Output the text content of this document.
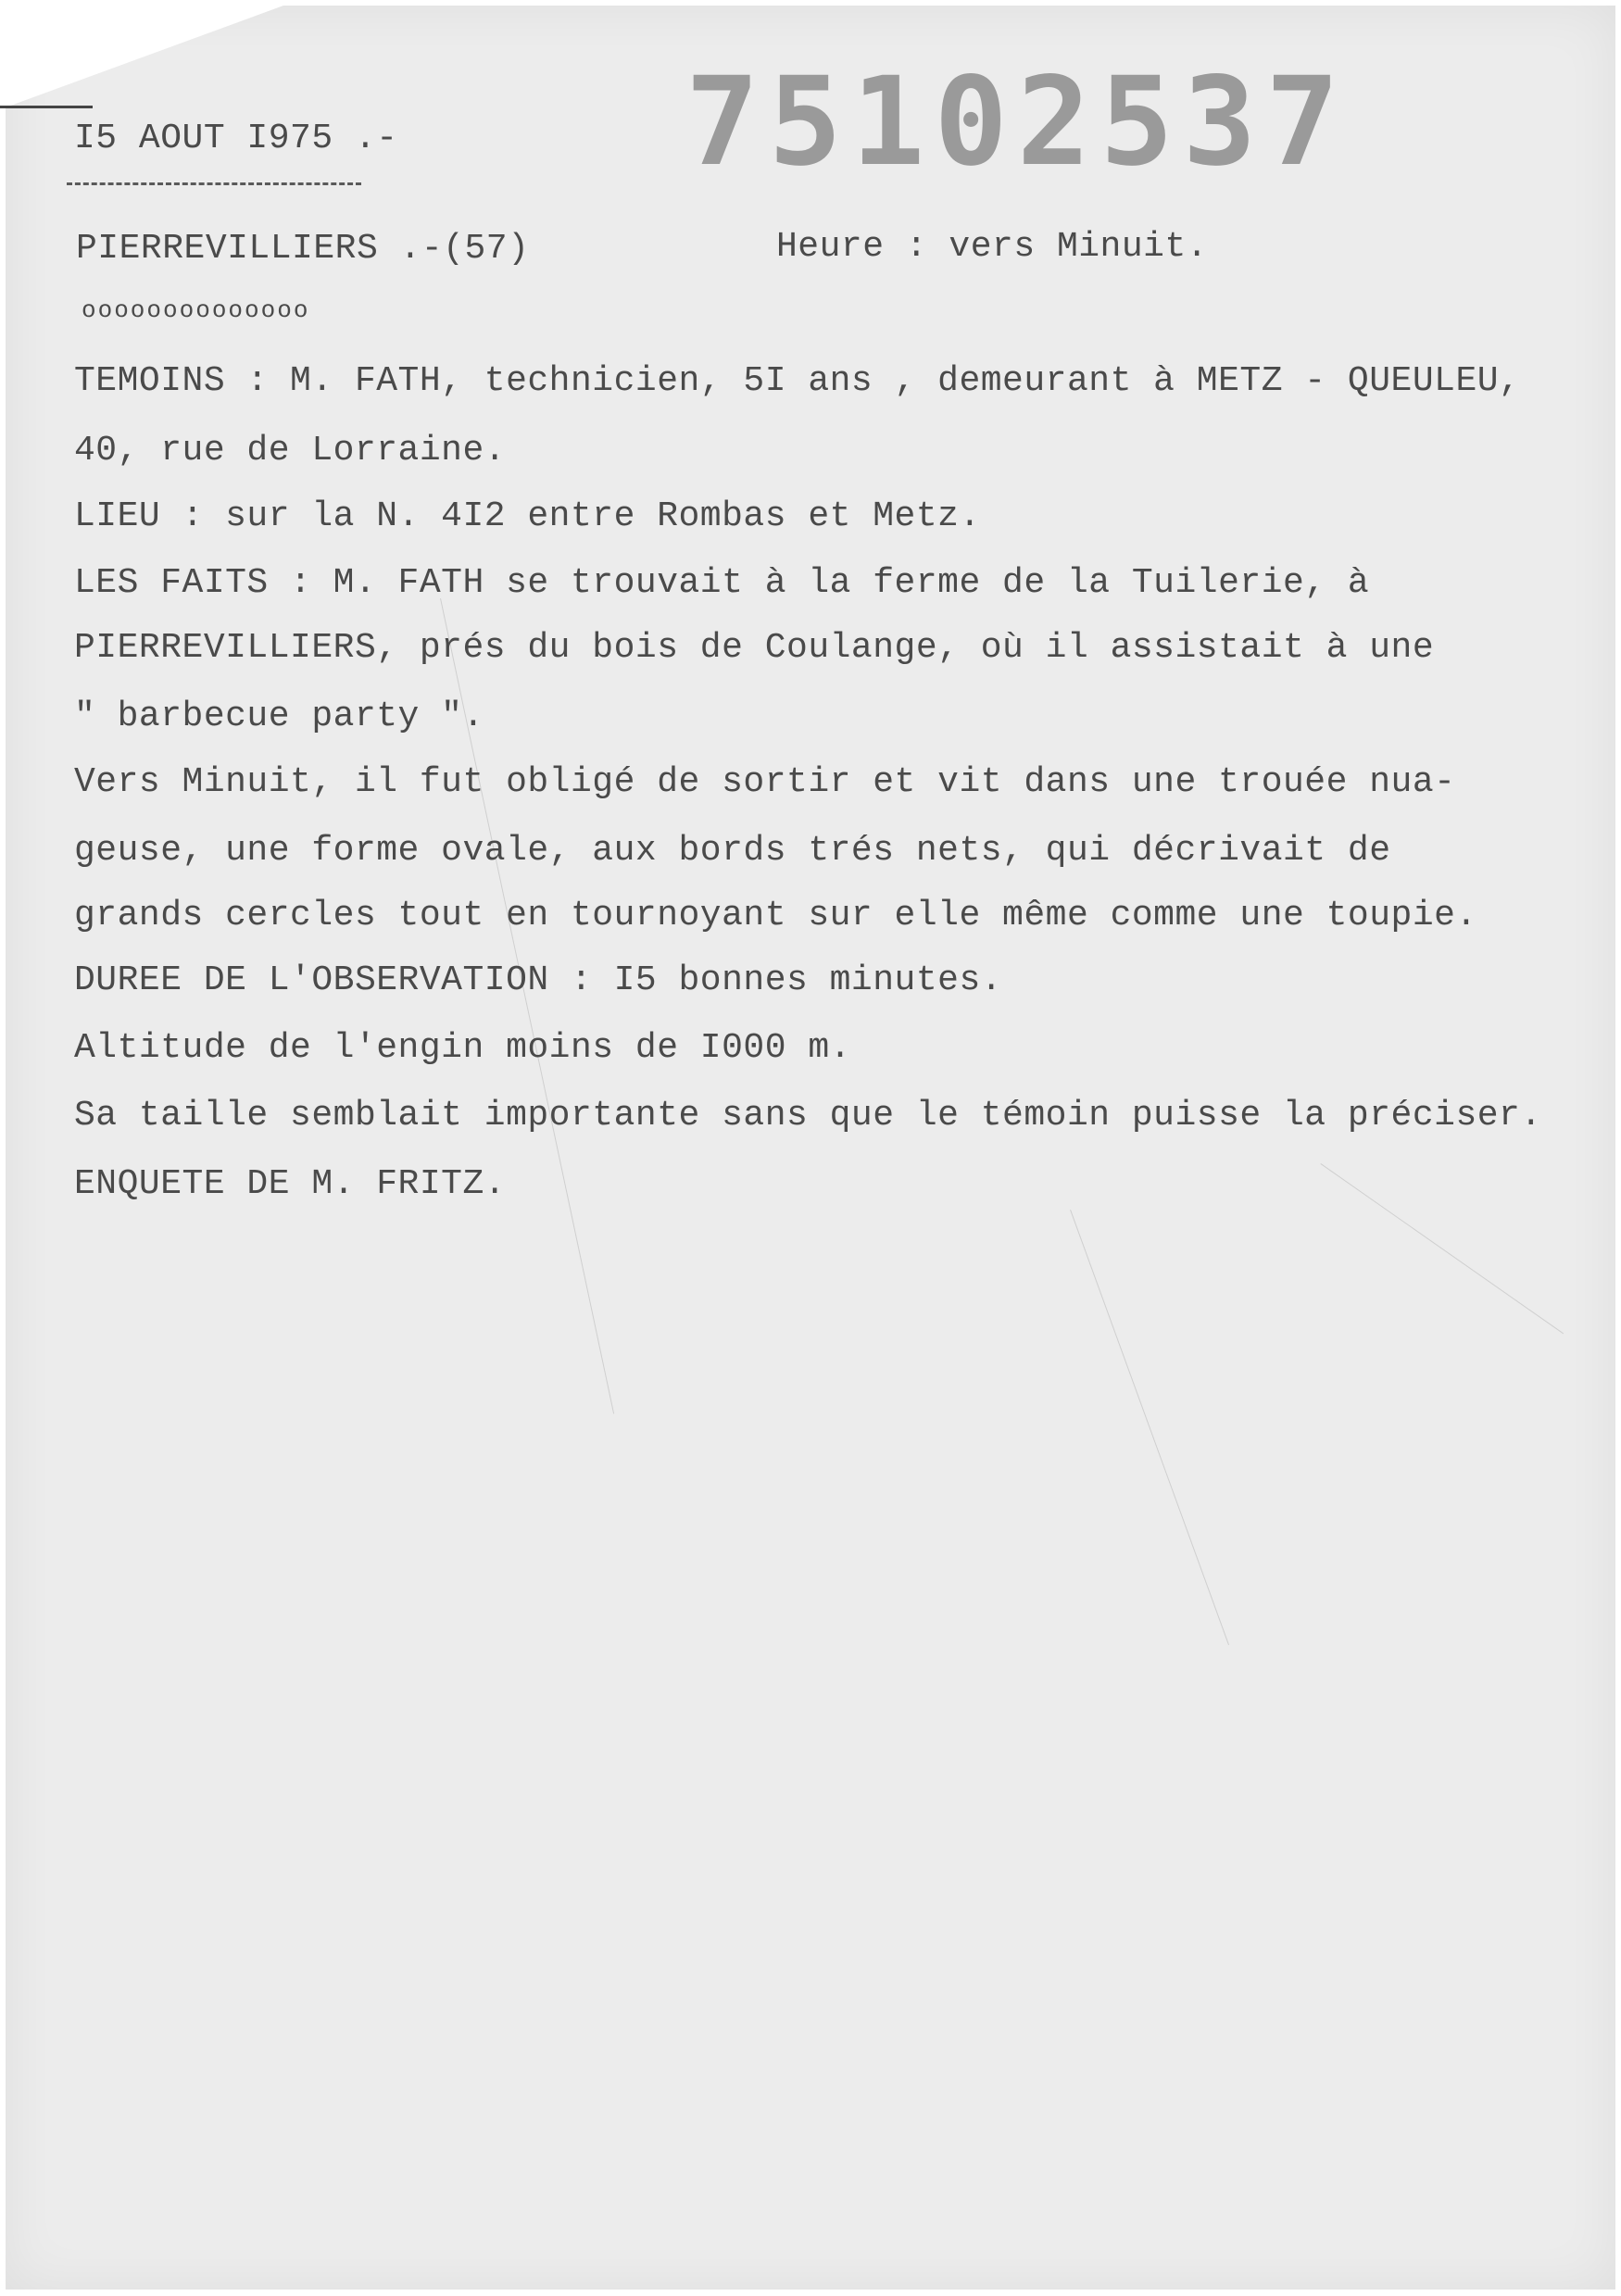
75102537
I5 AOUT I975 .-
PIERREVILLIERS .-(57)	Heure : vers Minuit.
oooooooooooooo
TEMOINS : M. FATH, technicien, 5I ans , demeurant à METZ - QUEULEU,
40, rue de Lorraine.
LIEU : sur la N. 4I2 entre Rombas et Metz.
LES FAITS : M. FATH se trouvait à la ferme de la Tuilerie, à
PIERREVILLIERS, prés du bois de Coulange, où il assistait à une
" barbecue party ".
Vers Minuit, il fut obligé de sortir et vit dans une trouée nua-
geuse, une forme ovale, aux bords trés nets, qui décrivait de
grands cercles tout en tournoyant sur elle même comme une toupie.
DUREE DE L'OBSERVATION : I5 bonnes minutes.
Altitude de l'engin moins de I000 m.
Sa taille semblait importante sans que le témoin puisse la préciser.
ENQUETE DE M. FRITZ.
